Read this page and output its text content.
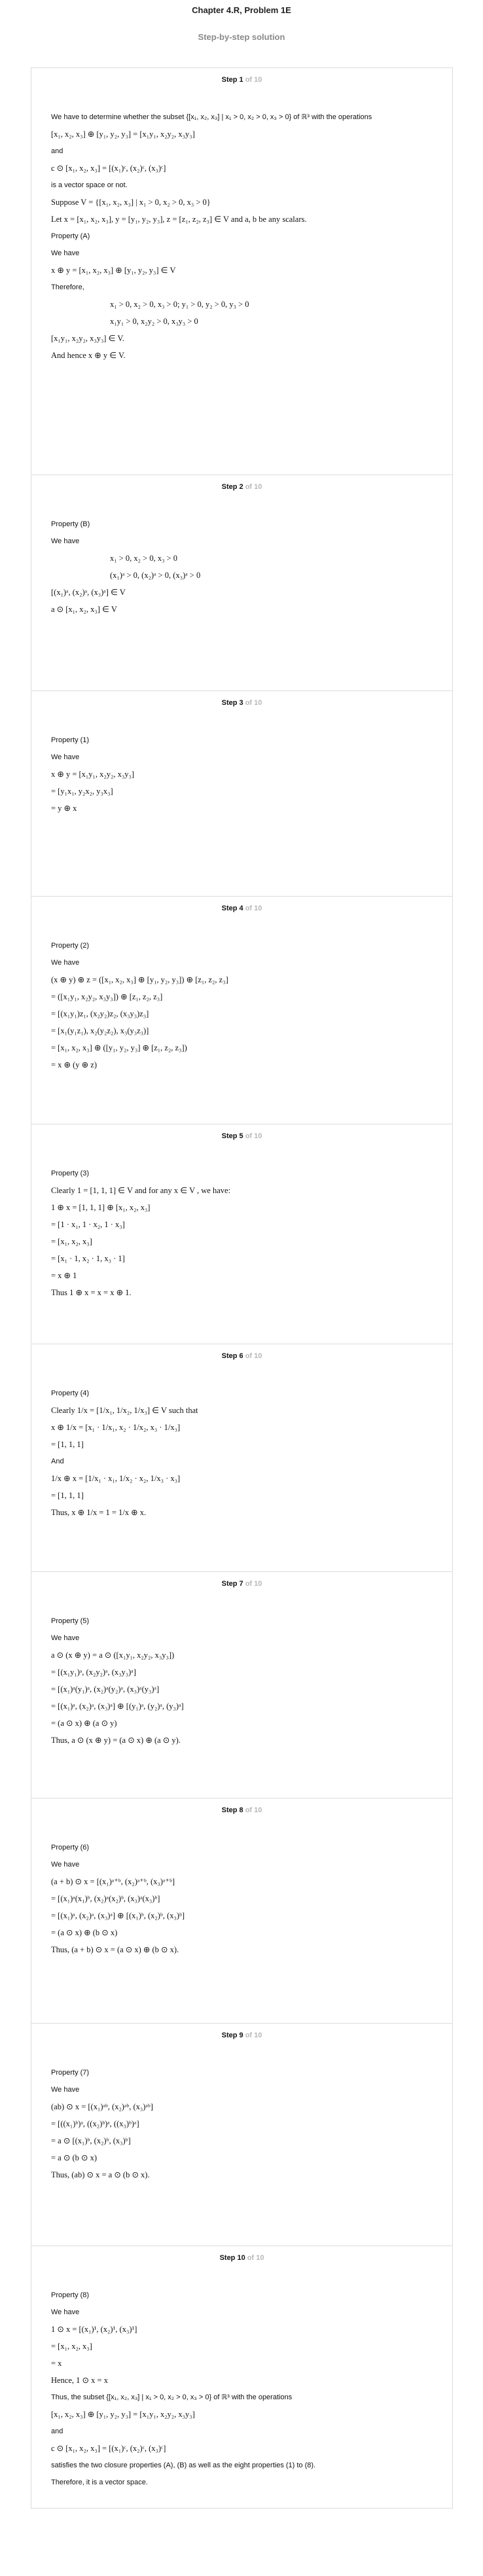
Chapter 4.R, Problem 1E
Step-by-step solution
Step 1 of 10
We have to determine whether the subset {[x₁, x₂, x₃] | x₁ > 0, x₂ > 0, x₃ > 0} of ℝ³ with the operations
[x₁, x₂, x₃] ⊕ [y₁, y₂, y₃] = [x₁y₁, x₂y₂, x₃y₃]
and
c ⊙ [x₁, x₂, x₃] = [(x₁)ᶜ, (x₂)ᶜ, (x₃)ᶜ]
is a vector space or not.
Suppose V = {[x₁, x₂, x₃] | x₁ > 0, x₂ > 0, x₃ > 0}
Let x = [x₁, x₂, x₃], y = [y₁, y₂, y₃], z = [z₁, z₂, z₃] ∈ V and a, b be any scalars.
Property (A)
We have
x ⊕ y = [x₁, x₂, x₃] ⊕ [y₁, y₂, y₃] ∈ V
Therefore,
x₁ > 0, x₂ > 0, x₃ > 0; y₁ > 0, y₂ > 0, y₃ > 0
x₁y₁ > 0, x₂y₂ > 0, x₃y₃ > 0
[x₁y₁, x₂y₂, x₃y₃] ∈ V.
And hence x ⊕ y ∈ V.
Step 2 of 10
Property (B)
We have
x₁ > 0, x₂ > 0, x₃ > 0
(x₁)ᵃ > 0, (x₂)ᵃ > 0, (x₃)ᵃ > 0
[(x₁)ᵃ, (x₂)ᵃ, (x₃)ᵃ] ∈ V
a ⊙ [x₁, x₂, x₃] ∈ V
Step 3 of 10
Property (1)
We have
x ⊕ y = [x₁y₁, x₂y₂, x₃y₃]
= [y₁x₁, y₂x₂, y₃x₃]
= y ⊕ x
Step 4 of 10
Property (2)
We have
(x ⊕ y) ⊕ z = ([x₁, x₂, x₃] ⊕ [y₁, y₂, y₃]) ⊕ [z₁, z₂, z₃]
= ([x₁y₁, x₂y₂, x₃y₃]) ⊕ [z₁, z₂, z₃]
= [(x₁y₁)z₁, (x₂y₂)z₂, (x₃y₃)z₃]
= [x₁(y₁z₁), x₂(y₂z₂), x₃(y₃z₃)]
= [x₁, x₂, x₃] ⊕ ([y₁, y₂, y₃] ⊕ [z₁, z₂, z₃])
= x ⊕ (y ⊕ z)
Step 5 of 10
Property (3)
Clearly 1 = [1, 1, 1] ∈ V and for any x ∈ V , we have:
1 ⊕ x = [1, 1, 1] ⊕ [x₁, x₂, x₃]
= [1 · x₁, 1 · x₂, 1 · x₃]
= [x₁, x₂, x₃]
= [x₁ · 1, x₂ · 1, x₃ · 1]
= x ⊕ 1
Thus 1 ⊕ x = x = x ⊕ 1.
Step 6 of 10
Property (4)
Clearly 1/x = [1/x₁, 1/x₂, 1/x₃] ∈ V such that
x ⊕ 1/x = [x₁ · 1/x₁, x₂ · 1/x₂, x₃ · 1/x₃]
= [1, 1, 1]
And
1/x ⊕ x = [1/x₁ · x₁, 1/x₂ · x₂, 1/x₃ · x₃]
= [1, 1, 1]
Thus, x ⊕ 1/x = 1 = 1/x ⊕ x.
Step 7 of 10
Property (5)
We have
a ⊙ (x ⊕ y) = a ⊙ ([x₁y₁, x₂y₂, x₃y₃])
= [(x₁y₁)ᵃ, (x₂y₂)ᵃ, (x₃y₃)ᵃ]
= [(x₁)ᵃ(y₁)ᵃ, (x₂)ᵃ(y₂)ᵃ, (x₃)ᵃ(y₃)ᵃ]
= [(x₁)ᵃ, (x₂)ᵃ, (x₃)ᵃ] ⊕ [(y₁)ᵃ, (y₂)ᵃ, (y₃)ᵃ]
= (a ⊙ x) ⊕ (a ⊙ y)
Thus, a ⊙ (x ⊕ y) = (a ⊙ x) ⊕ (a ⊙ y).
Step 8 of 10
Property (6)
We have
(a + b) ⊙ x = [(x₁)ᵃ⁺ᵇ, (x₂)ᵃ⁺ᵇ, (x₃)ᵃ⁺ᵇ]
= [(x₁)ᵃ(x₁)ᵇ, (x₂)ᵃ(x₂)ᵇ, (x₃)ᵃ(x₃)ᵇ]
= [(x₁)ᵃ, (x₂)ᵃ, (x₃)ᵃ] ⊕ [(x₁)ᵇ, (x₂)ᵇ, (x₃)ᵇ]
= (a ⊙ x) ⊕ (b ⊙ x)
Thus, (a + b) ⊙ x = (a ⊙ x) ⊕ (b ⊙ x).
Step 9 of 10
Property (7)
We have
(ab) ⊙ x = [(x₁)ᵃᵇ, (x₂)ᵃᵇ, (x₃)ᵃᵇ]
= [((x₁)ᵇ)ᵃ, ((x₂)ᵇ)ᵃ, ((x₃)ᵇ)ᵃ]
= a ⊙ [(x₁)ᵇ, (x₂)ᵇ, (x₃)ᵇ]
= a ⊙ (b ⊙ x)
Thus, (ab) ⊙ x = a ⊙ (b ⊙ x).
Step 10 of 10
Property (8)
We have
1 ⊙ x = [(x₁)¹, (x₂)¹, (x₃)¹]
= [x₁, x₂, x₃]
= x
Hence, 1 ⊙ x = x
Thus, the subset {[x₁, x₂, x₃] | x₁ > 0, x₂ > 0, x₃ > 0} of ℝ³ with the operations
[x₁, x₂, x₃] ⊕ [y₁, y₂, y₃] = [x₁y₁, x₂y₂, x₃y₃]
and
c ⊙ [x₁, x₂, x₃] = [(x₁)ᶜ, (x₂)ᶜ, (x₃)ᶜ]
satisfies the two closure properties (A), (B) as well as the eight properties (1) to (8).
Therefore, it is a vector space.
